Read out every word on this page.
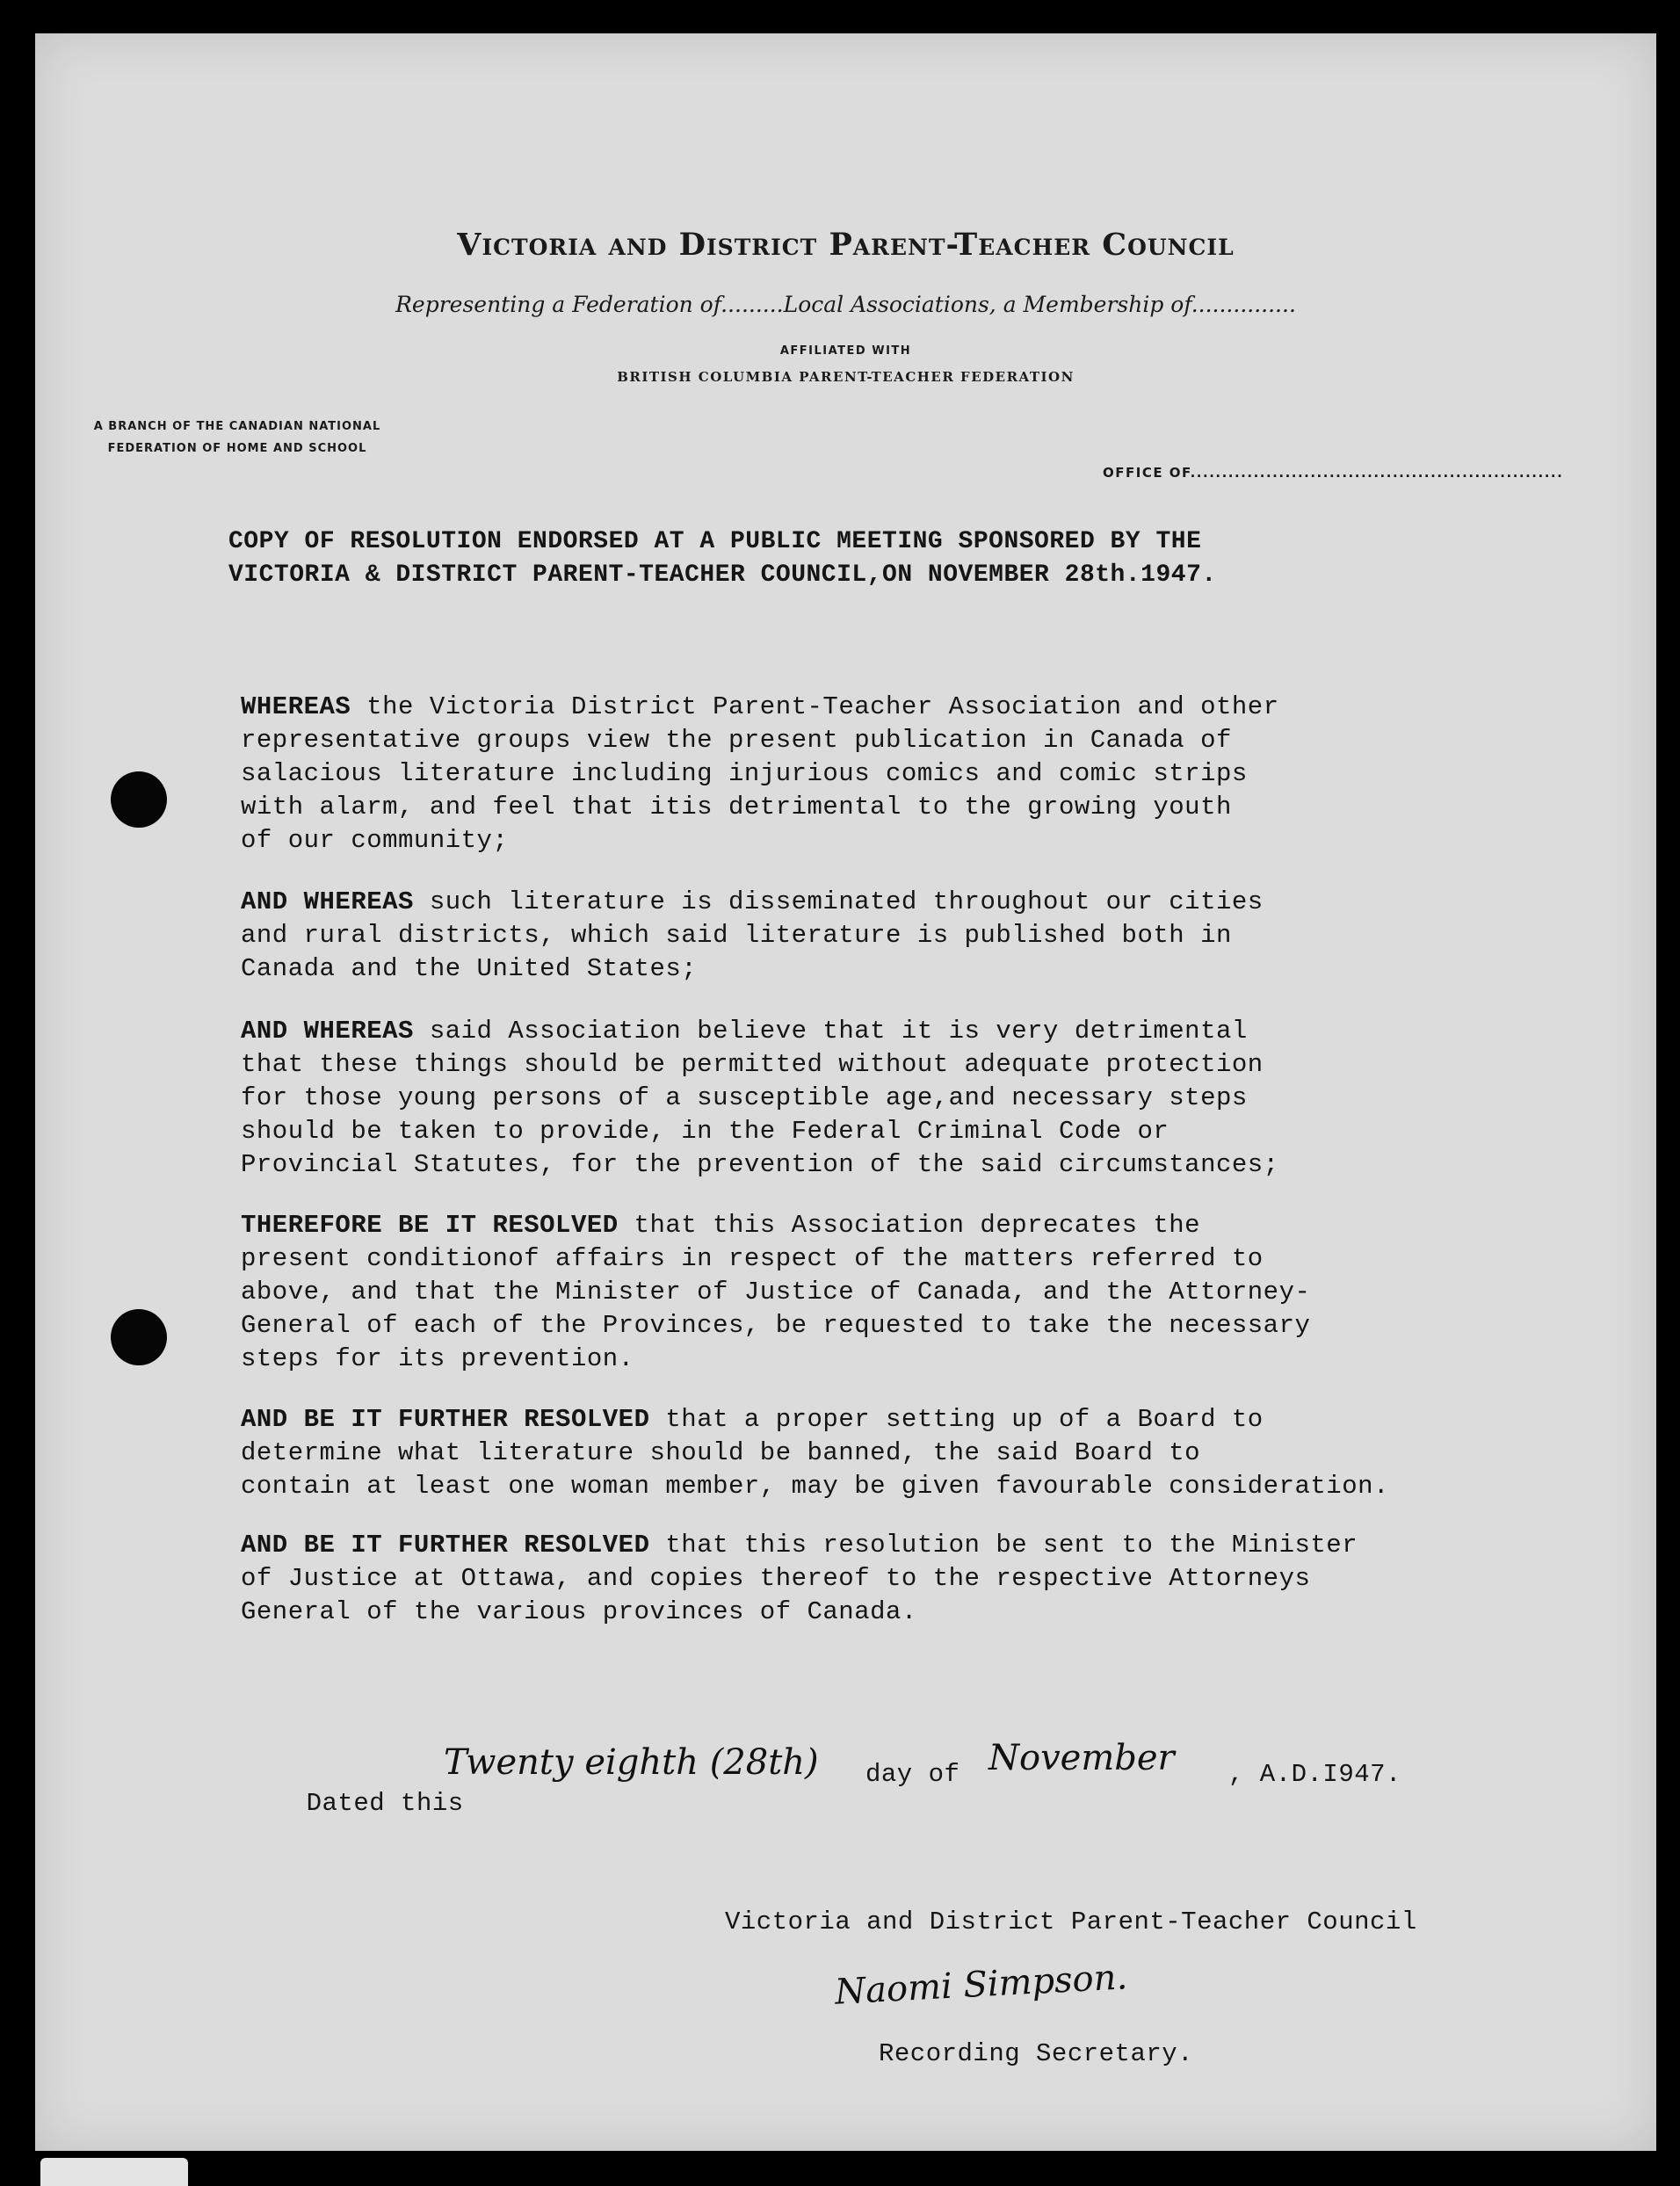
Victoria and District Parent-Teacher Council
Representing a Federation of.........Local Associations, a Membership of...............
AFFILIATED WITH
BRITISH COLUMBIA PARENT-TEACHER FEDERATION
A BRANCH OF THE CANADIAN NATIONAL FEDERATION OF HOME AND SCHOOL
OFFICE OF...........................................................
COPY OF RESOLUTION ENDORSED AT A PUBLIC MEETING SPONSORED BY THE
VICTORIA & DISTRICT PARENT-TEACHER COUNCIL,ON NOVEMBER 28th.1947.
WHEREAS the Victoria District Parent-Teacher Association and other
representative groups view the present publication in Canada of
salacious literature including injurious comics and comic strips
with alarm, and feel that itis detrimental to the growing youth
of our community;
AND WHEREAS such literature is disseminated throughout our cities
and rural districts, which said literature is published both in
Canada and the United States;
AND WHEREAS said Association believe that it is very detrimental
that these things should be permitted without adequate protection
for those young persons of a susceptible age,and necessary steps
should be taken to provide, in the Federal Criminal Code or
Provincial Statutes, for the prevention of the said circumstances;
THEREFORE BE IT RESOLVED that this Association deprecates the
present conditionof affairs in respect of the matters referred to
above, and that the Minister of Justice of Canada, and the Attorney-
General of each of the Provinces, be requested to take the necessary
steps for its prevention.
AND BE IT FURTHER RESOLVED that a proper setting up of a Board to
determine what literature should be banned, the said Board to
contain at least one woman member, may be given favourable consideration.
AND BE IT FURTHER RESOLVED that this resolution be sent to the Minister
of Justice at Ottawa, and copies thereof to the respective Attorneys
General of the various provinces of Canada.

Dated this

Twenty eighth (28th) day of November , A.D.I947.
Victoria and District Parent-Teacher Council
Naomi Simpson.
Recording Secretary.
